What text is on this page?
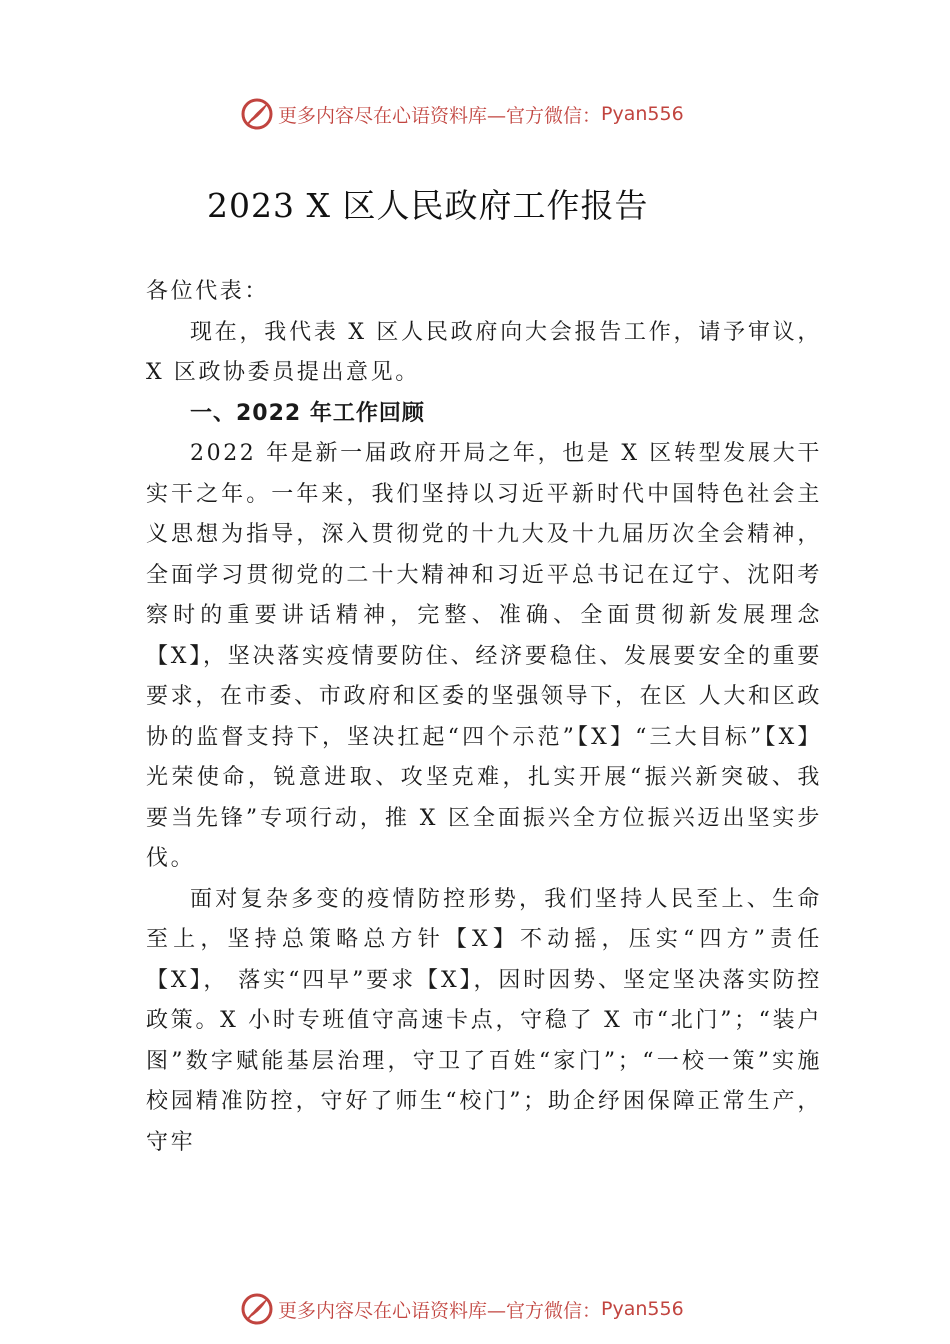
更多内容尽在心语资料库—官方微信： Pyan556
2023 X 区人民政府工作报告

各位代表：

现在，我代表 X 区人民政府向大会报告工作，请予审议，X 区政协委员提出意见。

一、2022 年工作回顾

2022 年是新一届政府开局之年，也是 X 区转型发展大干实干之年。一年来，我们坚持以习近平新时代中国特色社会主义思想为指导，深入贯彻党的十九大及十九届历次全会精神，全面学习贯彻党的二十大精神和习近平总书记在辽宁、沈阳考察时的重要讲话精神，完整、准确、全面贯彻新发展理念【X】，坚决落实疫情要防住、经济要稳住、发展要安全的重要要求，在市委、市政府和区委的坚强领导下，在区 人大和区政协的监督支持下，坚决扛起“四个示范”【X】“三大目标”【X】光荣使命，锐意进取、攻坚克难，扎实开展“振兴新突破、我要当先锋”专项行动，推 X 区全面振兴全方位振兴迈出坚实步伐。

面对复杂多变的疫情防控形势，我们坚持人民至上、生命至上，坚持总策略总方针【X】不动摇，压实“四方”责任【X】， 落实“四早”要求【X】，因时因势、坚定坚决落实防控政策。X 小时专班值守高速卡点，守稳了 X 市“北门”；“装户图”数字赋能基层治理，守卫了百姓“家门”；“一校一策”实施校园精准防控，守好了师生“校门”；助企纾困保障正常生产，守牢

更多内容尽在心语资料库—官方微信： Pyan556
